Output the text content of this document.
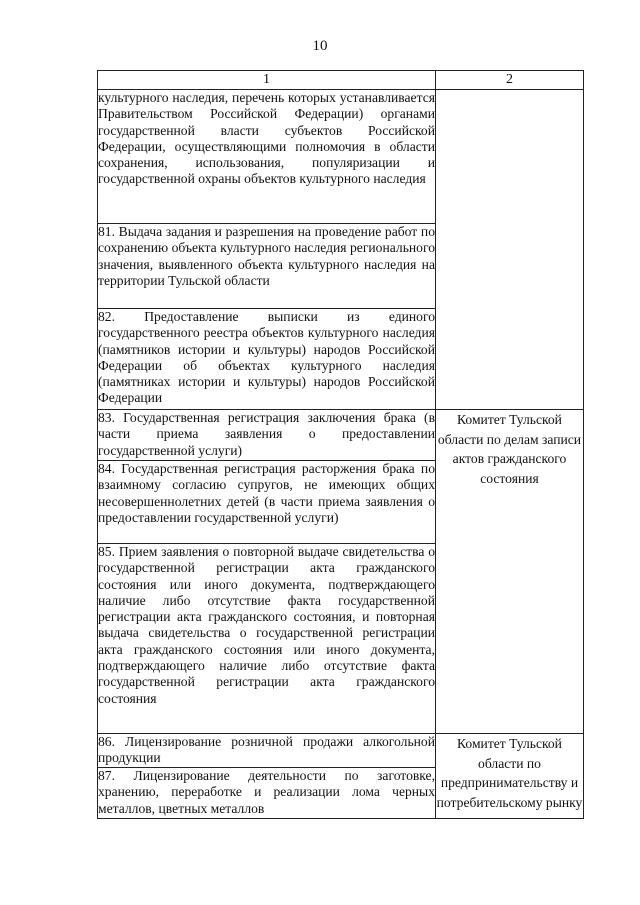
10
1	2
культурного наследия, перечень которых устанавливается Правительством Российской Федерации) органами государственной власти субъектов Российской Федерации, осуществляющими полномочия в области сохранения, использования, популяризации и государственной охраны объектов культурного наследия	
81. Выдача задания и разрешения на проведение работ по сохранению объекта культурного наследия регионального значения, выявленного объекта культурного наследия на территории Тульской области	
82. Предоставление выписки из единого государственного реестра объектов культурного наследия (памятников истории и культуры) народов Российской Федерации об объектах культурного наследия (памятниках истории и культуры) народов Российской Федерации	
83. Государственная регистрация заключения брака (в части приема заявления о предоставлении государственной услуги)	Комитет Тульской области по делам записи актов гражданского состояния
84. Государственная регистрация расторжения брака по взаимному согласию супругов, не имеющих общих несовершеннолетних детей (в части приема заявления о предоставлении государственной услуги)	
85. Прием заявления о повторной выдаче свидетельства о государственной регистрации акта гражданского состояния или иного документа, подтверждающего наличие либо отсутствие факта государственной регистрации акта гражданского состояния, и повторная выдача свидетельства о государственной регистрации акта гражданского состояния или иного документа, подтверждающего наличие либо отсутствие факта государственной регистрации акта гражданского состояния	
86. Лицензирование розничной продажи алкогольной продукции	Комитет Тульской области по предпринимательству и потребительскому рынку
87. Лицензирование деятельности по заготовке, хранению, переработке и реализации лома черных металлов, цветных металлов	
